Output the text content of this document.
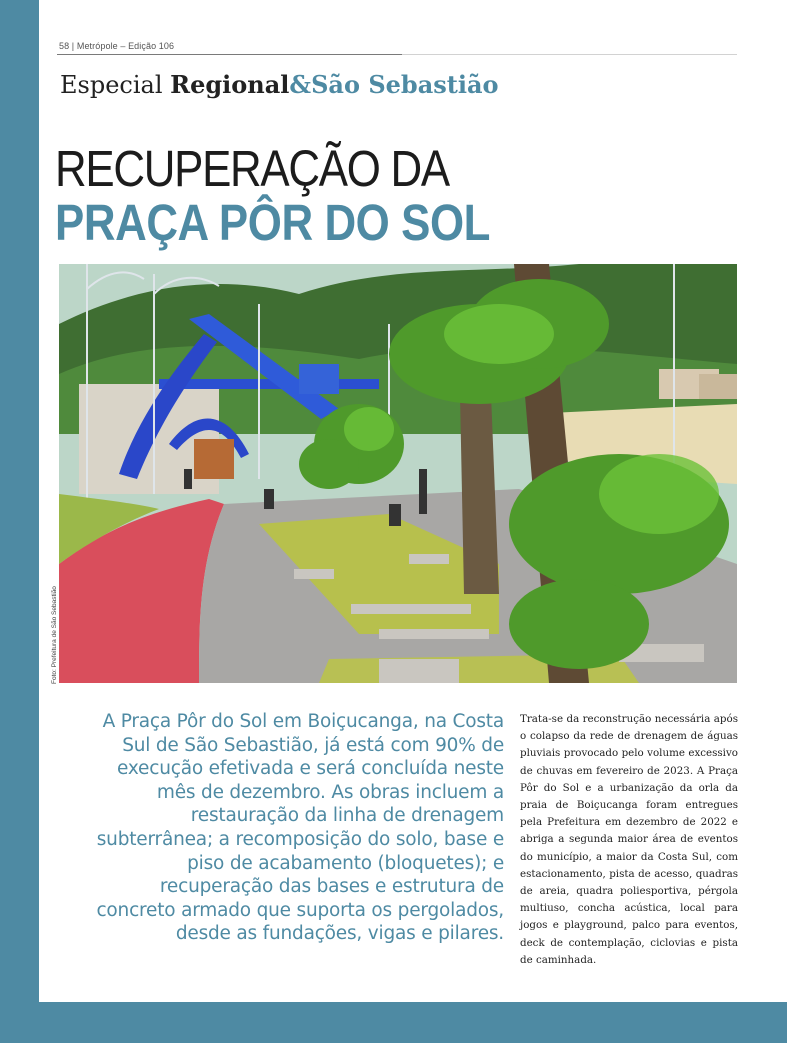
58 | Metrópole – Edição 106
Especial Regional&São Sebastião
RECUPERAÇÃO DA
PRAÇA PÔR DO SOL
Foto: Prefeitura de São Sebastião
A Praça Pôr do Sol em Boiçucanga, na Costa Sul de São Sebastião, já está com 90% de execução efetivada e será concluída neste mês de dezembro. As obras incluem a restauração da linha de drenagem subterrânea; a recomposição do solo, base e piso de acabamento (bloquetes); e recuperação das bases e estrutura de concreto armado que suporta os pergolados, desde as fundações, vigas e pilares.
Trata-se da reconstrução necessária após o colapso da rede de drenagem de águas pluviais provocado pelo volume excessivo de chuvas em fevereiro de 2023. A Praça Pôr do Sol e a urbanização da orla da praia de Boiçucanga foram entregues pela Prefeitura em dezembro de 2022 e abriga a segunda maior área de eventos do município, a maior da Costa Sul, com estacionamento, pista de acesso, quadras de areia, quadra poliesportiva, pérgola multiuso, concha acústica, local para jogos e playground, palco para eventos, deck de contemplação, ciclovias e pista de caminhada.
